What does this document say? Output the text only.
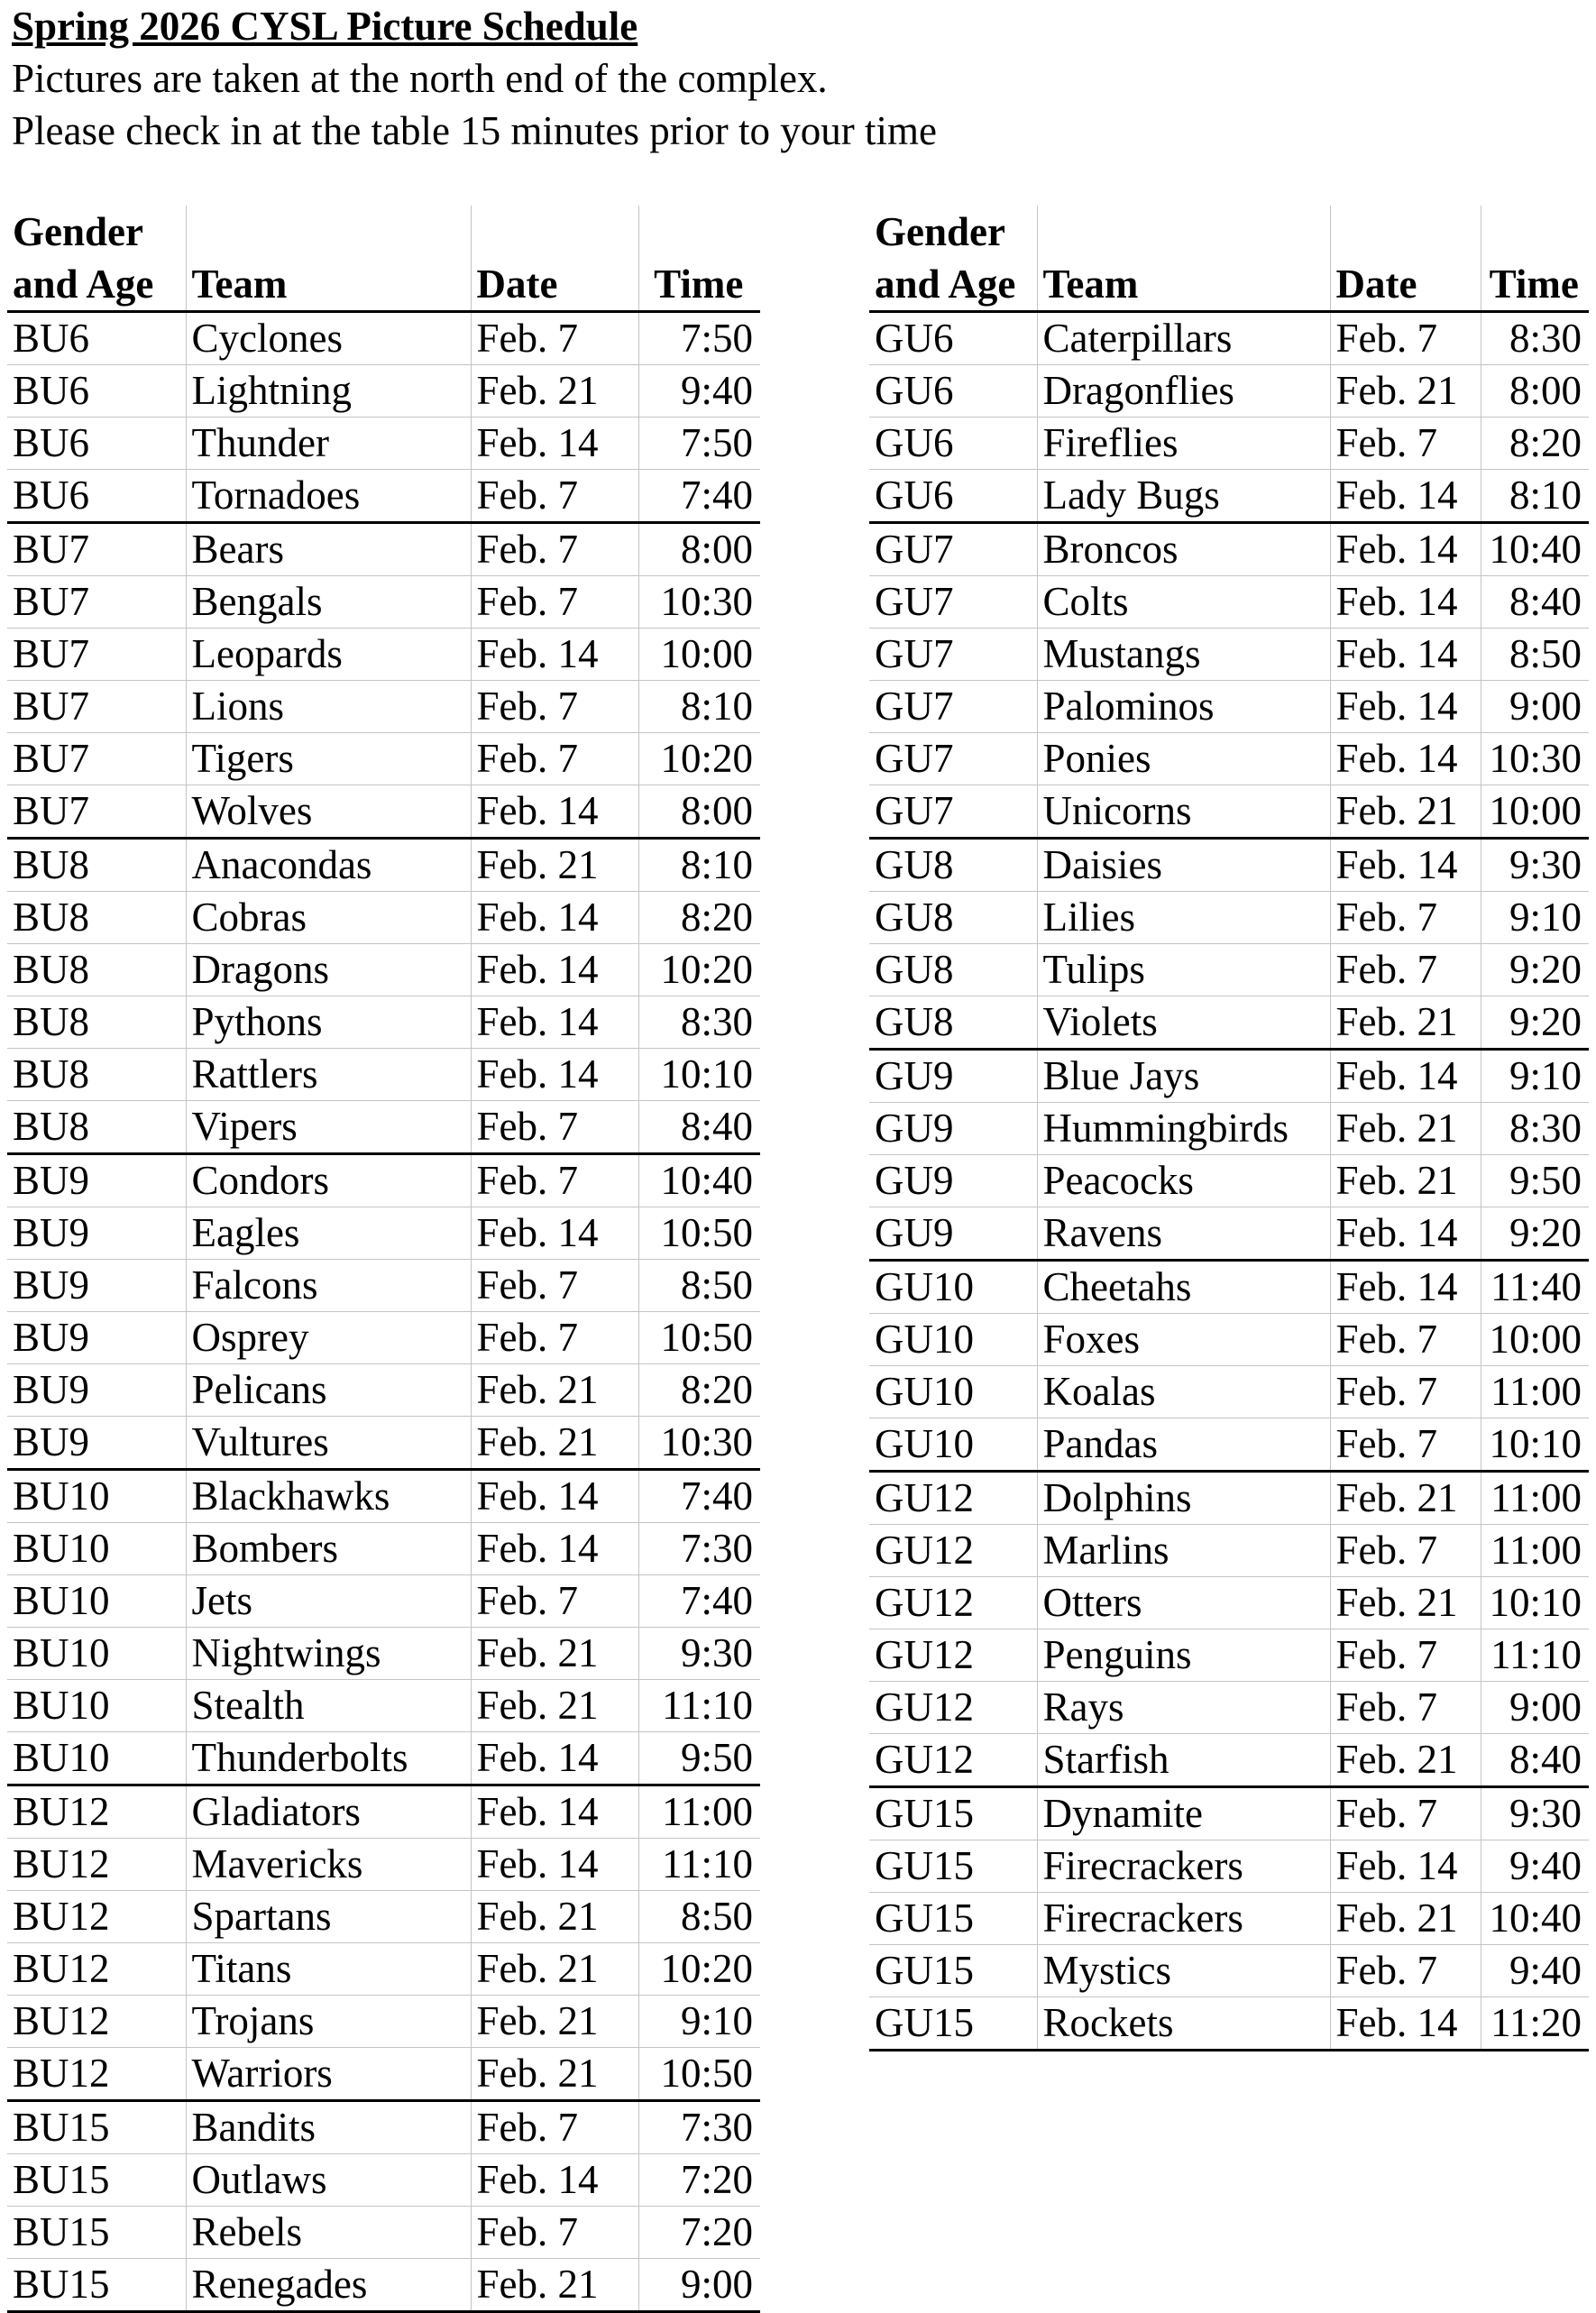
Spring 2026 CYSL Picture Schedule
Pictures are taken at the north end of the complex.
Please check in at the table 15 minutes prior to your time
Gender
and Age	Team	Date	Time
BU6	Cyclones	Feb. 7	7:50
BU6	Lightning	Feb. 21	9:40
BU6	Thunder	Feb. 14	7:50
BU6	Tornadoes	Feb. 7	7:40
BU7	Bears	Feb. 7	8:00
BU7	Bengals	Feb. 7	10:30
BU7	Leopards	Feb. 14	10:00
BU7	Lions	Feb. 7	8:10
BU7	Tigers	Feb. 7	10:20
BU7	Wolves	Feb. 14	8:00
BU8	Anacondas	Feb. 21	8:10
BU8	Cobras	Feb. 14	8:20
BU8	Dragons	Feb. 14	10:20
BU8	Pythons	Feb. 14	8:30
BU8	Rattlers	Feb. 14	10:10
BU8	Vipers	Feb. 7	8:40
BU9	Condors	Feb. 7	10:40
BU9	Eagles	Feb. 14	10:50
BU9	Falcons	Feb. 7	8:50
BU9	Osprey	Feb. 7	10:50
BU9	Pelicans	Feb. 21	8:20
BU9	Vultures	Feb. 21	10:30
BU10	Blackhawks	Feb. 14	7:40
BU10	Bombers	Feb. 14	7:30
BU10	Jets	Feb. 7	7:40
BU10	Nightwings	Feb. 21	9:30
BU10	Stealth	Feb. 21	11:10
BU10	Thunderbolts	Feb. 14	9:50
BU12	Gladiators	Feb. 14	11:00
BU12	Mavericks	Feb. 14	11:10
BU12	Spartans	Feb. 21	8:50
BU12	Titans	Feb. 21	10:20
BU12	Trojans	Feb. 21	9:10
BU12	Warriors	Feb. 21	10:50
BU15	Bandits	Feb. 7	7:30
BU15	Outlaws	Feb. 14	7:20
BU15	Rebels	Feb. 7	7:20
BU15	Renegades	Feb. 21	9:00
Gender
and Age	Team	Date	Time
GU6	Caterpillars	Feb. 7	8:30
GU6	Dragonflies	Feb. 21	8:00
GU6	Fireflies	Feb. 7	8:20
GU6	Lady Bugs	Feb. 14	8:10
GU7	Broncos	Feb. 14	10:40
GU7	Colts	Feb. 14	8:40
GU7	Mustangs	Feb. 14	8:50
GU7	Palominos	Feb. 14	9:00
GU7	Ponies	Feb. 14	10:30
GU7	Unicorns	Feb. 21	10:00
GU8	Daisies	Feb. 14	9:30
GU8	Lilies	Feb. 7	9:10
GU8	Tulips	Feb. 7	9:20
GU8	Violets	Feb. 21	9:20
GU9	Blue Jays	Feb. 14	9:10
GU9	Hummingbirds	Feb. 21	8:30
GU9	Peacocks	Feb. 21	9:50
GU9	Ravens	Feb. 14	9:20
GU10	Cheetahs	Feb. 14	11:40
GU10	Foxes	Feb. 7	10:00
GU10	Koalas	Feb. 7	11:00
GU10	Pandas	Feb. 7	10:10
GU12	Dolphins	Feb. 21	11:00
GU12	Marlins	Feb. 7	11:00
GU12	Otters	Feb. 21	10:10
GU12	Penguins	Feb. 7	11:10
GU12	Rays	Feb. 7	9:00
GU12	Starfish	Feb. 21	8:40
GU15	Dynamite	Feb. 7	9:30
GU15	Firecrackers	Feb. 14	9:40
GU15	Firecrackers	Feb. 21	10:40
GU15	Mystics	Feb. 7	9:40
GU15	Rockets	Feb. 14	11:20
